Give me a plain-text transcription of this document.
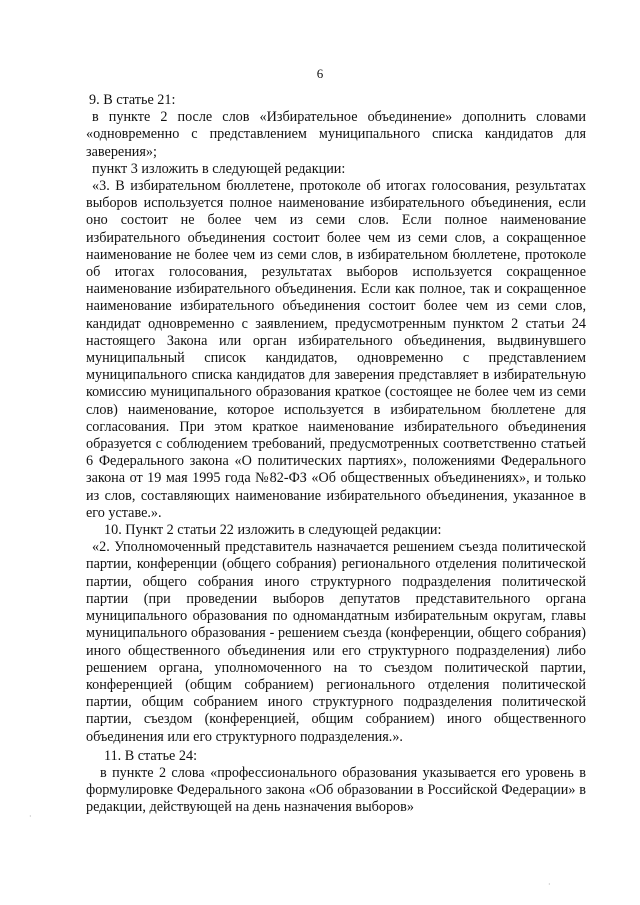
6

9. В статье 21:

в пункте 2 после слов «Избирательное объединение» дополнить словами «одновременно с представлением муниципального списка кандидатов для заверения»;

пункт 3 изложить в следующей редакции:

«3. В избирательном бюллетене, протоколе об итогах голосования, результатах выборов используется полное наименование избирательного объединения, если оно состоит не более чем из семи слов. Если полное наименование избирательного объединения состоит более чем из семи слов, а сокращенное наименование не более чем из семи слов, в избирательном бюллетене, протоколе об итогах голосования, результатах выборов используется сокращенное наименование избирательного объединения. Если как полное, так и сокращенное наименование избирательного объединения состоит более чем из семи слов, кандидат одновременно с заявлением, предусмотренным пунктом 2 статьи 24 настоящего Закона или орган избирательного объединения, выдвинувшего муниципальный список кандидатов, одновременно с представлением муниципального списка кандидатов для заверения представляет в избирательную комиссию муниципального образования краткое (состоящее не более чем из семи слов) наименование, которое используется в избирательном бюллетене для согласования. При этом краткое наименование избирательного объединения образуется с соблюдением требований, предусмотренных соответственно статьей 6 Федерального закона «О политических партиях», положениями Федерального закона от 19 мая 1995 года №82-ФЗ «Об общественных объединениях», и только из слов, составляющих наименование избирательного объединения, указанное в его уставе.».

10. Пункт 2 статьи 22 изложить в следующей редакции:

«2. Уполномоченный представитель назначается решением съезда политической партии, конференции (общего собрания) регионального отделения политической партии, общего собрания иного структурного подразделения политической партии (при проведении выборов депутатов представительного органа муниципального образования по одномандатным избирательным округам, главы муниципального образования - решением съезда (конференции, общего собрания) иного общественного объединения или его структурного подразделения) либо решением органа, уполномоченного на то съездом политической партии, конференцией (общим собранием) регионального отделения политической партии, общим собранием иного структурного подразделения политической партии, съездом (конференцией, общим собранием) иного общественного объединения или его структурного подразделения.».

11. В статье 24:

в пункте 2 слова «профессионального образования указывается его уровень в формулировке Федерального закона «Об образовании в Российской Федерации» в редакции, действующей на день назначения выборов»

·
·
